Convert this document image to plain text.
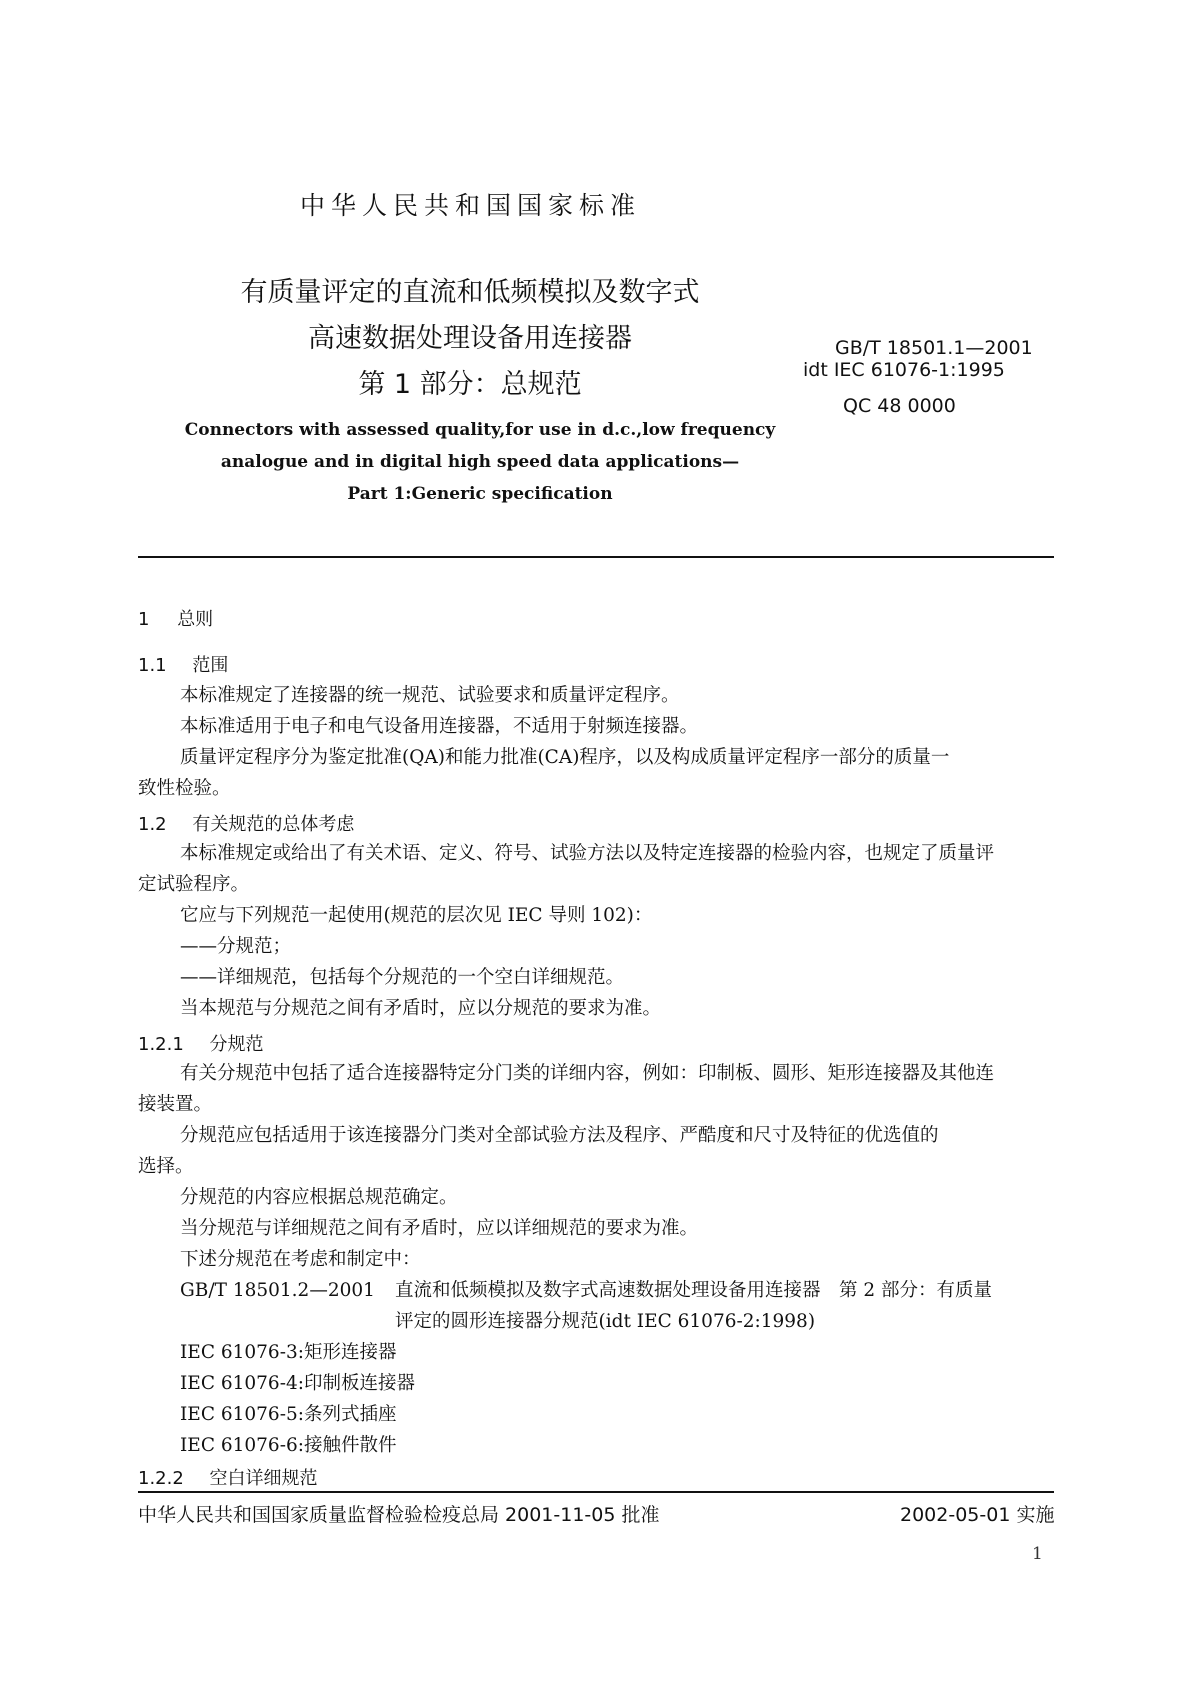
中华人民共和国国家标准
有质量评定的直流和低频模拟及数字式
高速数据处理设备用连接器
第 1 部分：总规范
GB/T 18501.1—2001
idt IEC 61076-1:1995
QC 48 0000
Connectors with assessed quality,for use in d.c.,low frequency
analogue and in digital high speed data applications—
Part 1:Generic specification
1 总则
1.1 范围
本标准规定了连接器的统一规范、试验要求和质量评定程序。
本标准适用于电子和电气设备用连接器，不适用于射频连接器。
质量评定程序分为鉴定批准(QA)和能力批准(CA)程序，以及构成质量评定程序一部分的质量一
致性检验。
1.2 有关规范的总体考虑
本标准规定或给出了有关术语、定义、符号、试验方法以及特定连接器的检验内容，也规定了质量评
定试验程序。
它应与下列规范一起使用(规范的层次见 IEC 导则 102)：
——分规范；
——详细规范，包括每个分规范的一个空白详细规范。
当本规范与分规范之间有矛盾时，应以分规范的要求为准。
1.2.1 分规范
有关分规范中包括了适合连接器特定分门类的详细内容，例如：印制板、圆形、矩形连接器及其他连
接装置。
分规范应包括适用于该连接器分门类对全部试验方法及程序、严酷度和尺寸及特征的优选值的
选择。
分规范的内容应根据总规范确定。
当分规范与详细规范之间有矛盾时，应以详细规范的要求为准。
下述分规范在考虑和制定中：
GB/T 18501.2—2001 直流和低频模拟及数字式高速数据处理设备用连接器　第 2 部分：有质量
评定的圆形连接器分规范(idt IEC 61076-2:1998)
IEC 61076-3:矩形连接器
IEC 61076-4:印制板连接器
IEC 61076-5:条列式插座
IEC 61076-6:接触件散件
1.2.2 空白详细规范
中华人民共和国国家质量监督检验检疫总局 2001-11-05 批准	2002-05-01 实施
1
